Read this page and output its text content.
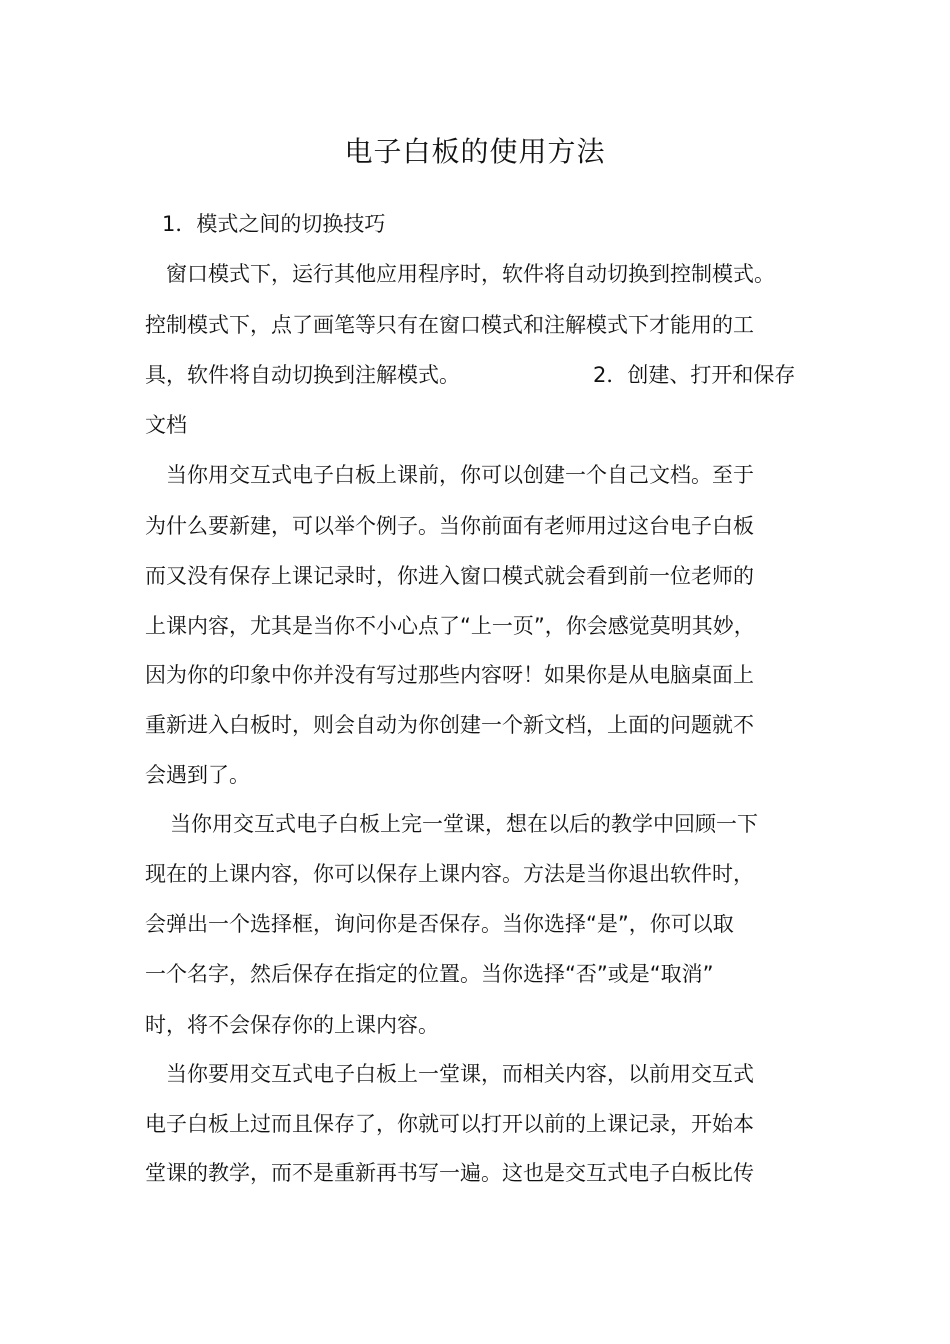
电子白板的使用方法
1．模式之间的切换技巧
窗口模式下，运行其他应用程序时，软件将自动切换到控制模式。
控制模式下，点了画笔等只有在窗口模式和注解模式下才能用的工
具，软件将自动切换到注解模式。	2．创建、打开和保存
文档
当你用交互式电子白板上课前，你可以创建一个自己文档。至于
为什么要新建，可以举个例子。当你前面有老师用过这台电子白板
而又没有保存上课记录时，你进入窗口模式就会看到前一位老师的
上课内容，尤其是当你不小心点了“上一页”，你会感觉莫明其妙，
因为你的印象中你并没有写过那些内容呀！如果你是从电脑桌面上
重新进入白板时，则会自动为你创建一个新文档，上面的问题就不
会遇到了。
当你用交互式电子白板上完一堂课，想在以后的教学中回顾一下
现在的上课内容，你可以保存上课内容。方法是当你退出软件时，
会弹出一个选择框，询问你是否保存。当你选择“是”，你可以取
一个名字，然后保存在指定的位置。当你选择“否”或是“取消”
时，将不会保存你的上课内容。
当你要用交互式电子白板上一堂课，而相关内容，以前用交互式
电子白板上过而且保存了，你就可以打开以前的上课记录，开始本
堂课的教学，而不是重新再书写一遍。这也是交互式电子白板比传
